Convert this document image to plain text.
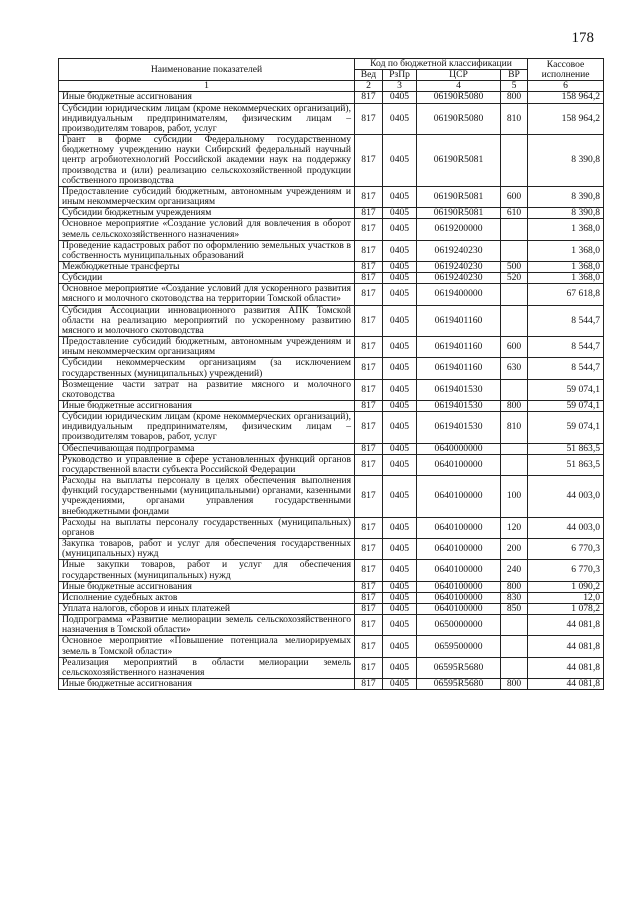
178
Наименование показателей	Код по бюджетной классификации				Кассовое исполнение
	Вед	РзПр	ЦСР	ВР	
1	2	3	4	5	6
Иные бюджетные ассигнования	817	0405	06190R5080	800	158 964,2
Субсидии юридическим лицам (кроме некоммерческих организаций), индивидуальным предпринимателям, физическим лицам – производителям товаров, работ, услуг	817	0405	06190R5080	810	158 964,2
Грант в форме субсидии Федеральному государственному бюджетному учреждению науки Сибирский федеральный научный центр агробиотехнологий Российской академии наук на поддержку производства и (или) реализацию сельскохозяйственной продукции собственного производства	817	0405	06190R5081		8 390,8
Предоставление субсидий бюджетным, автономным учреждениям и иным некоммерческим организациям	817	0405	06190R5081	600	8 390,8
Субсидии бюджетным учреждениям	817	0405	06190R5081	610	8 390,8
Основное мероприятие «Создание условий для вовлечения в оборот земель сельскохозяйственного назначения»	817	0405	0619200000		1 368,0
Проведение кадастровых работ по оформлению земельных участков в собственность муниципальных образований	817	0405	0619240230		1 368,0
Межбюджетные трансферты	817	0405	0619240230	500	1 368,0
Субсидии	817	0405	0619240230	520	1 368,0
Основное мероприятие «Создание условий для ускоренного развития мясного и молочного скотоводства на территории Томской области»	817	0405	0619400000		67 618,8
Субсидия Ассоциации инновационного развития АПК Томской области на реализацию мероприятий по ускоренному развитию мясного и молочного скотоводства	817	0405	0619401160		8 544,7
Предоставление субсидий бюджетным, автономным учреждениям и иным некоммерческим организациям	817	0405	0619401160	600	8 544,7
Субсидии некоммерческим организациям (за исключением государственных (муниципальных) учреждений)	817	0405	0619401160	630	8 544,7
Возмещение части затрат на развитие мясного и молочного скотоводства	817	0405	0619401530		59 074,1
Иные бюджетные ассигнования	817	0405	0619401530	800	59 074,1
Субсидии юридическим лицам (кроме некоммерческих организаций), индивидуальным предпринимателям, физическим лицам – производителям товаров, работ, услуг	817	0405	0619401530	810	59 074,1
Обеспечивающая подпрограмма	817	0405	0640000000		51 863,5
Руководство и управление в сфере установленных функций органов государственной власти субъекта Российской Федерации	817	0405	0640100000		51 863,5
Расходы на выплаты персоналу в целях обеспечения выполнения функций государственными (муниципальными) органами, казенными учреждениями, органами управления государственными внебюджетными фондами	817	0405	0640100000	100	44 003,0
Расходы на выплаты персоналу государственных (муниципальных) органов	817	0405	0640100000	120	44 003,0
Закупка товаров, работ и услуг для обеспечения государственных (муниципальных) нужд	817	0405	0640100000	200	6 770,3
Иные закупки товаров, работ и услуг для обеспечения государственных (муниципальных) нужд	817	0405	0640100000	240	6 770,3
Иные бюджетные ассигнования	817	0405	0640100000	800	1 090,2
Исполнение судебных актов	817	0405	0640100000	830	12,0
Уплата налогов, сборов и иных платежей	817	0405	0640100000	850	1 078,2
Подпрограмма «Развитие мелиорации земель сельскохозяйственного назначения в Томской области»	817	0405	0650000000		44 081,8
Основное мероприятие «Повышение потенциала мелиорируемых земель в Томской области»	817	0405	0659500000		44 081,8
Реализация мероприятий в области мелиорации земель сельскохозяйственного назначения	817	0405	06595R5680		44 081,8
Иные бюджетные ассигнования	817	0405	06595R5680	800	44 081,8
